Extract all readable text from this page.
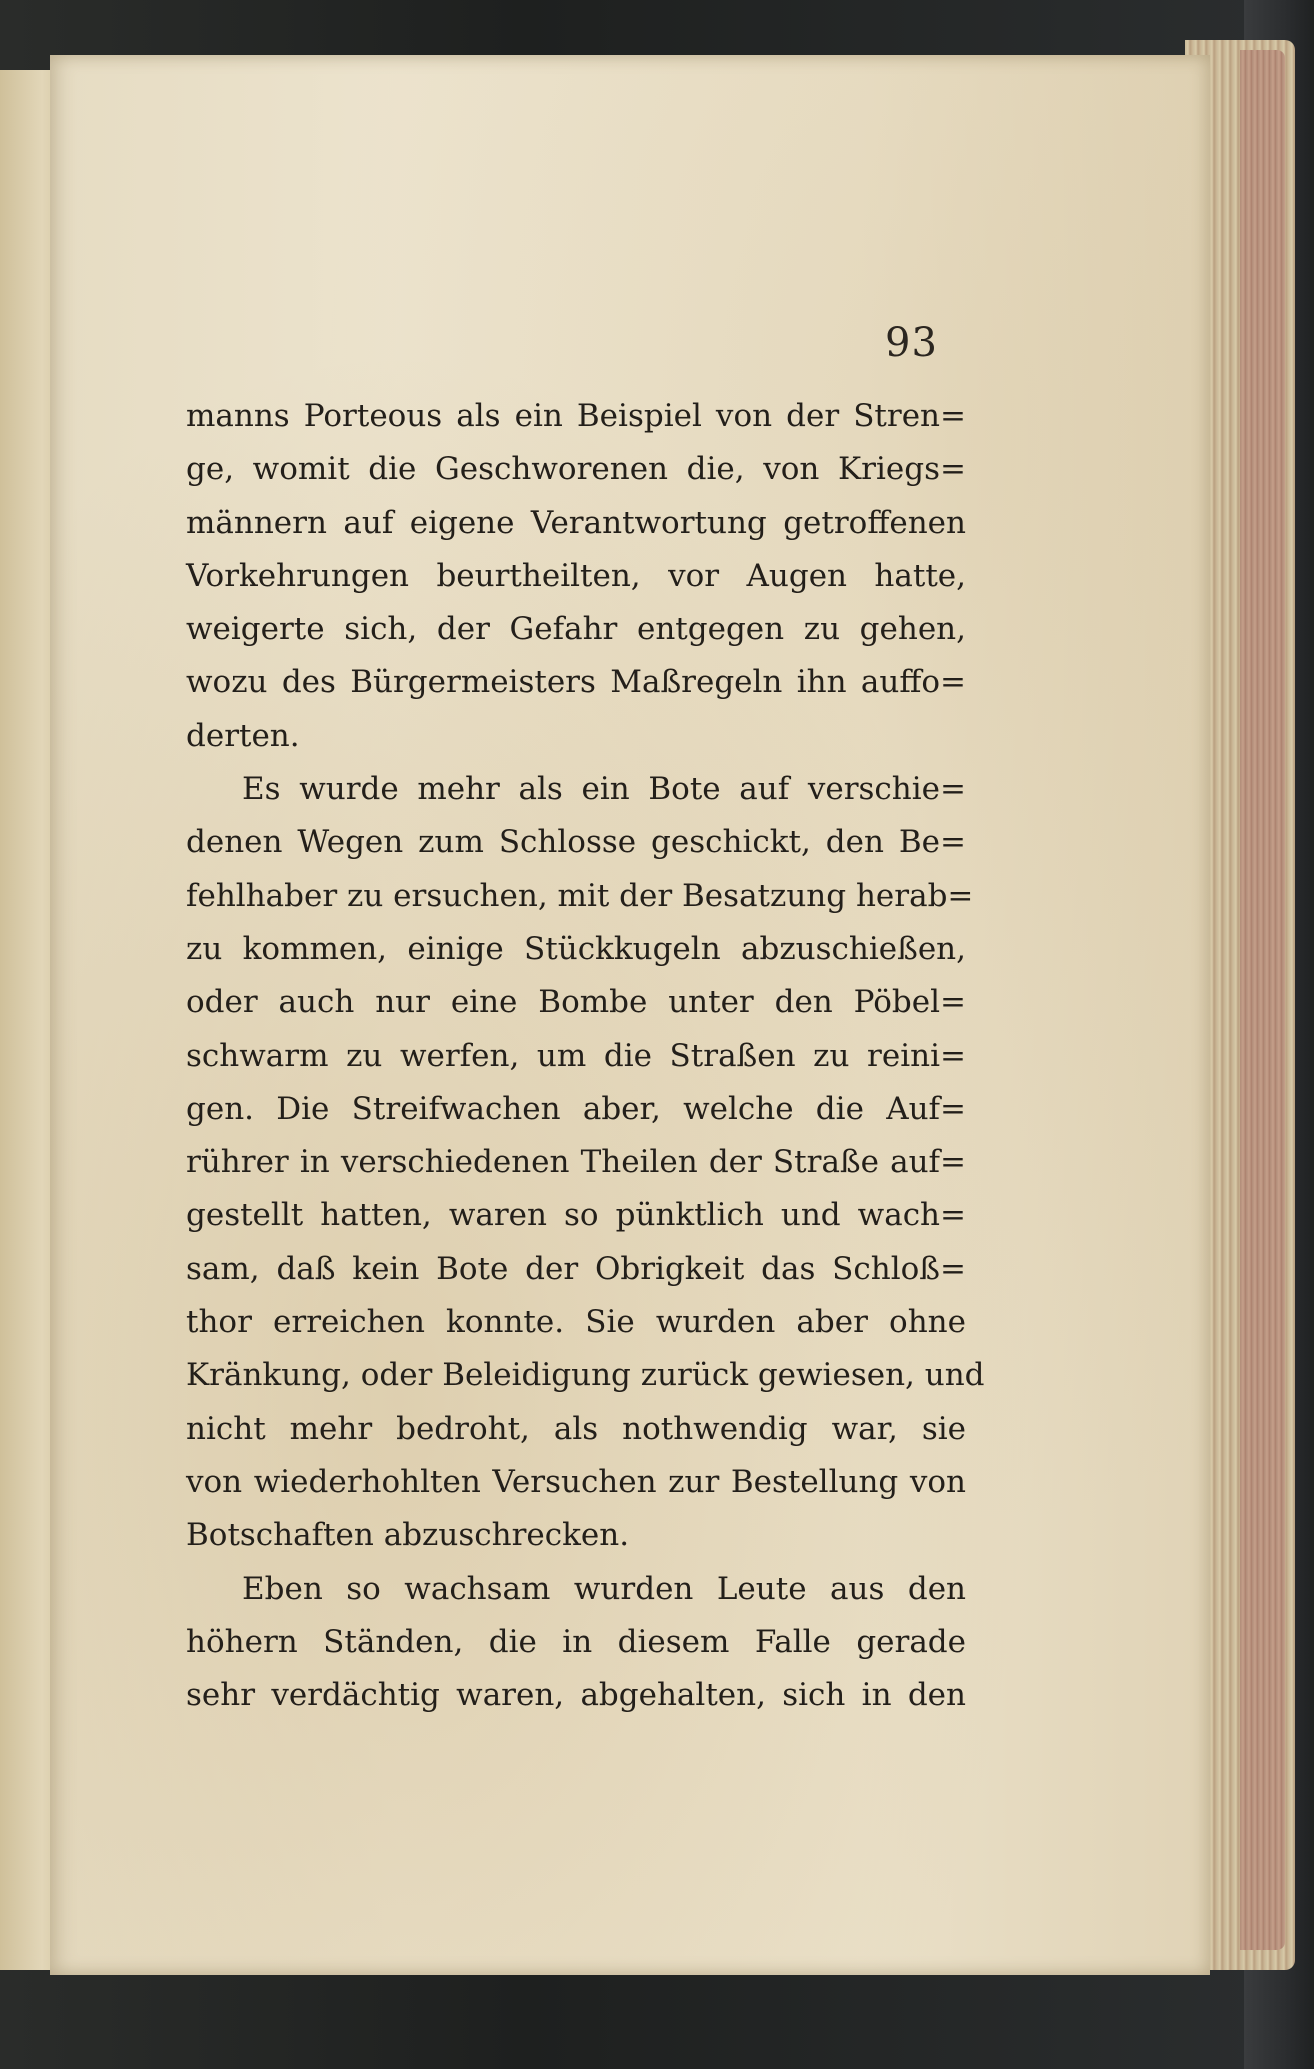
93
manns Porteous als ein Beispiel von der Stren=
ge, womit die Geschworenen die, von Kriegs=
männern auf eigene Verantwortung getroffenen
Vorkehrungen beurtheilten, vor Augen hatte,
weigerte sich, der Gefahr entgegen zu gehen,
wozu des Bürgermeisters Maßregeln ihn auffo=
derten.
Es wurde mehr als ein Bote auf verschie=
denen Wegen zum Schlosse geschickt, den Be=
fehlhaber zu ersuchen, mit der Besatzung herab=
zu kommen, einige Stückkugeln abzuschießen,
oder auch nur eine Bombe unter den Pöbel=
schwarm zu werfen, um die Straßen zu reini=
gen. Die Streifwachen aber, welche die Auf=
rührer in verschiedenen Theilen der Straße auf=
gestellt hatten, waren so pünktlich und wach=
sam, daß kein Bote der Obrigkeit das Schloß=
thor erreichen konnte. Sie wurden aber ohne
Kränkung, oder Beleidigung zurück gewiesen, und
nicht mehr bedroht, als nothwendig war, sie
von wiederhohlten Versuchen zur Bestellung von
Botschaften abzuschrecken.
Eben so wachsam wurden Leute aus den
höhern Ständen, die in diesem Falle gerade
sehr verdächtig waren, abgehalten, sich in den
